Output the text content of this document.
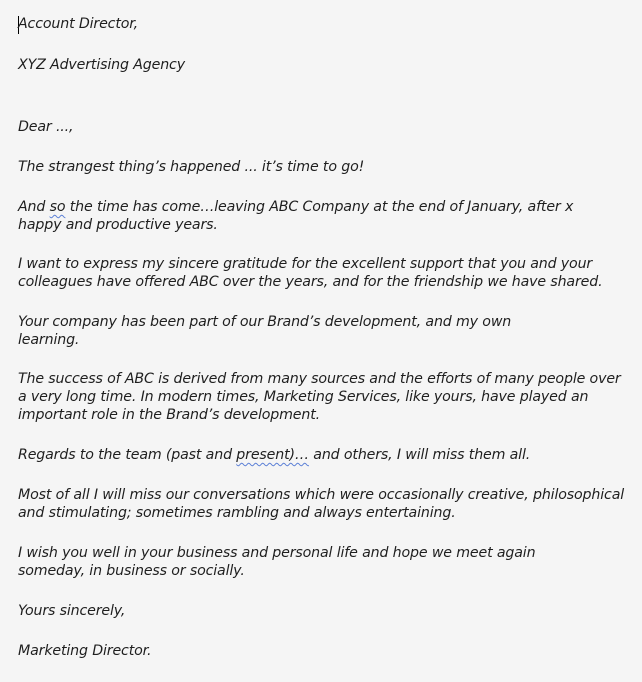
Account Director,
XYZ Advertising Agency
Dear ...,
The strangest thing’s happened ... it’s time to go!
And so the time has come…leaving ABC Company at the end of January, after x
happy and productive years.
I want to express my sincere gratitude for the excellent support that you and your
colleagues have offered ABC over the years, and for the friendship we have shared.
Your company has been part of our Brand’s development, and my own
learning.
The success of ABC is derived from many sources and the efforts of many people over
a very long time. In modern times, Marketing Services, like yours, have played an
important role in the Brand’s development.
Regards to the team (past and present)… and others, I will miss them all.
Most of all I will miss our conversations which were occasionally creative, philosophical
and stimulating; sometimes rambling and always entertaining.
I wish you well in your business and personal life and hope we meet again
someday, in business or socially.
Yours sincerely,
Marketing Director.
